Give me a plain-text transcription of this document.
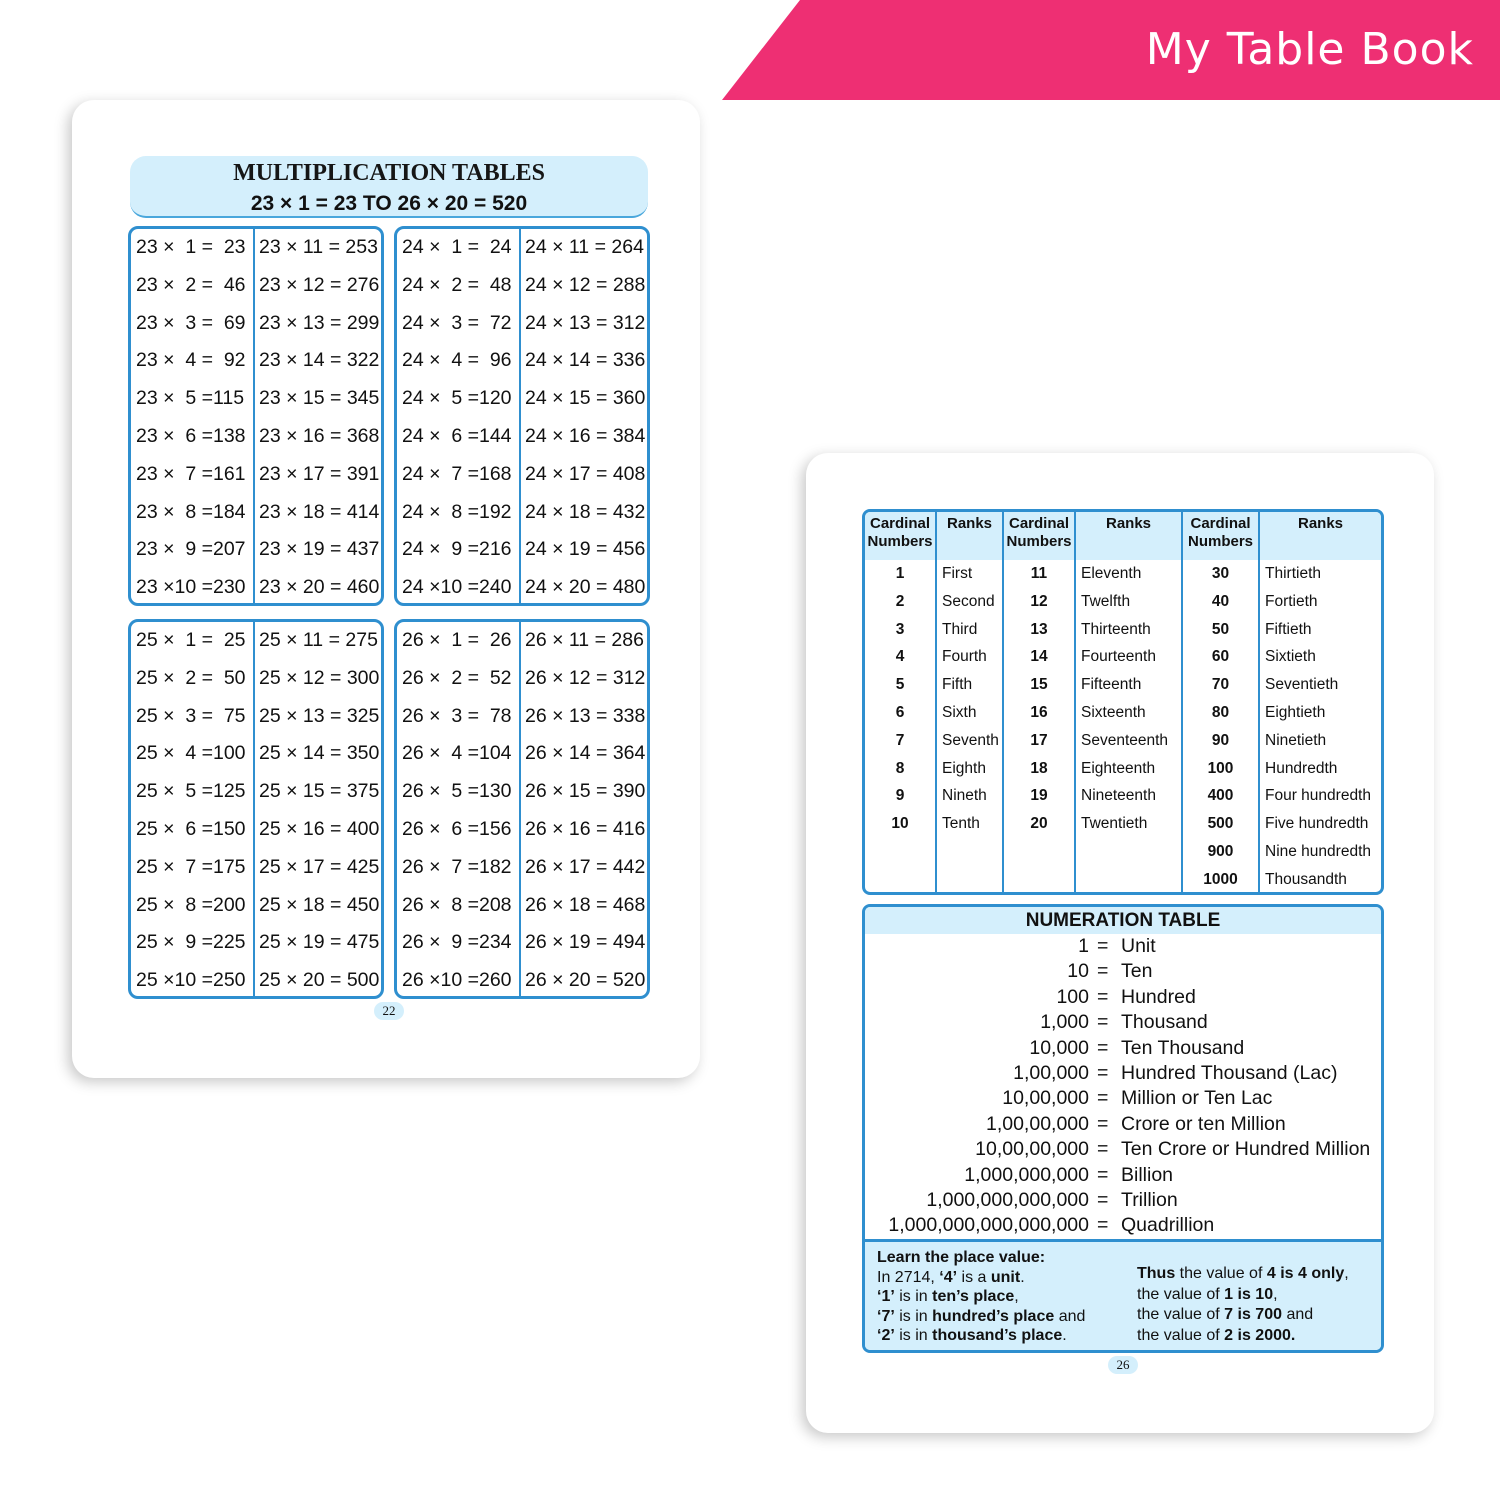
My Table Book
MULTIPLICATION TABLES
23 × 1 = 23 TO 26 × 20 = 520
23 ×  1 =  23
23 ×  2 =  46
23 ×  3 =  69
23 ×  4 =  92
23 ×  5 =115
23 ×  6 =138
23 ×  7 =161
23 ×  8 =184
23 ×  9 =207
23 ×10 =230
23 × 11 = 253
23 × 12 = 276
23 × 13 = 299
23 × 14 = 322
23 × 15 = 345
23 × 16 = 368
23 × 17 = 391
23 × 18 = 414
23 × 19 = 437
23 × 20 = 460
24 ×  1 =  24
24 ×  2 =  48
24 ×  3 =  72
24 ×  4 =  96
24 ×  5 =120
24 ×  6 =144
24 ×  7 =168
24 ×  8 =192
24 ×  9 =216
24 ×10 =240
24 × 11 = 264
24 × 12 = 288
24 × 13 = 312
24 × 14 = 336
24 × 15 = 360
24 × 16 = 384
24 × 17 = 408
24 × 18 = 432
24 × 19 = 456
24 × 20 = 480
25 ×  1 =  25
25 ×  2 =  50
25 ×  3 =  75
25 ×  4 =100
25 ×  5 =125
25 ×  6 =150
25 ×  7 =175
25 ×  8 =200
25 ×  9 =225
25 ×10 =250
25 × 11 = 275
25 × 12 = 300
25 × 13 = 325
25 × 14 = 350
25 × 15 = 375
25 × 16 = 400
25 × 17 = 425
25 × 18 = 450
25 × 19 = 475
25 × 20 = 500
26 ×  1 =  26
26 ×  2 =  52
26 ×  3 =  78
26 ×  4 =104
26 ×  5 =130
26 ×  6 =156
26 ×  7 =182
26 ×  8 =208
26 ×  9 =234
26 ×10 =260
26 × 11 = 286
26 × 12 = 312
26 × 13 = 338
26 × 14 = 364
26 × 15 = 390
26 × 16 = 416
26 × 17 = 442
26 × 18 = 468
26 × 19 = 494
26 × 20 = 520
22
Cardinal Numbers
1
2
3
4
5
6
7
8
9
10
Ranks
First
Second
Third
Fourth
Fifth
Sixth
Seventh
Eighth
Nineth
Tenth
Cardinal Numbers
11
12
13
14
15
16
17
18
19
20
Ranks
Eleventh
Twelfth
Thirteenth
Fourteenth
Fifteenth
Sixteenth
Seventeenth
Eighteenth
Nineteenth
Twentieth
Cardinal Numbers
30
40
50
60
70
80
90
100
400
500
900
1000
Ranks
Thirtieth
Fortieth
Fiftieth
Sixtieth
Seventieth
Eightieth
Ninetieth
Hundredth
Four hundredth
Five hundredth
Nine hundredth
Thousandth
NUMERATION TABLE
1 = Unit
10 = Ten
100 = Hundred
1,000 = Thousand
10,000 = Ten Thousand
1,00,000 = Hundred Thousand (Lac)
10,00,000 = Million or Ten Lac
1,00,00,000 = Crore or ten Million
10,00,00,000 = Ten Crore or Hundred Million
1,000,000,000 = Billion
1,000,000,000,000 = Trillion
1,000,000,000,000,000 = Quadrillion
Learn the place value:
In 2714, ‘4’ is a unit.
‘1’ is in ten’s place,
‘7’ is in hundred’s place and
‘2’ is in thousand’s place.
Thus the value of 4 is 4 only,
the value of 1 is 10,
the value of 7 is 700 and
the value of 2 is 2000.
26
